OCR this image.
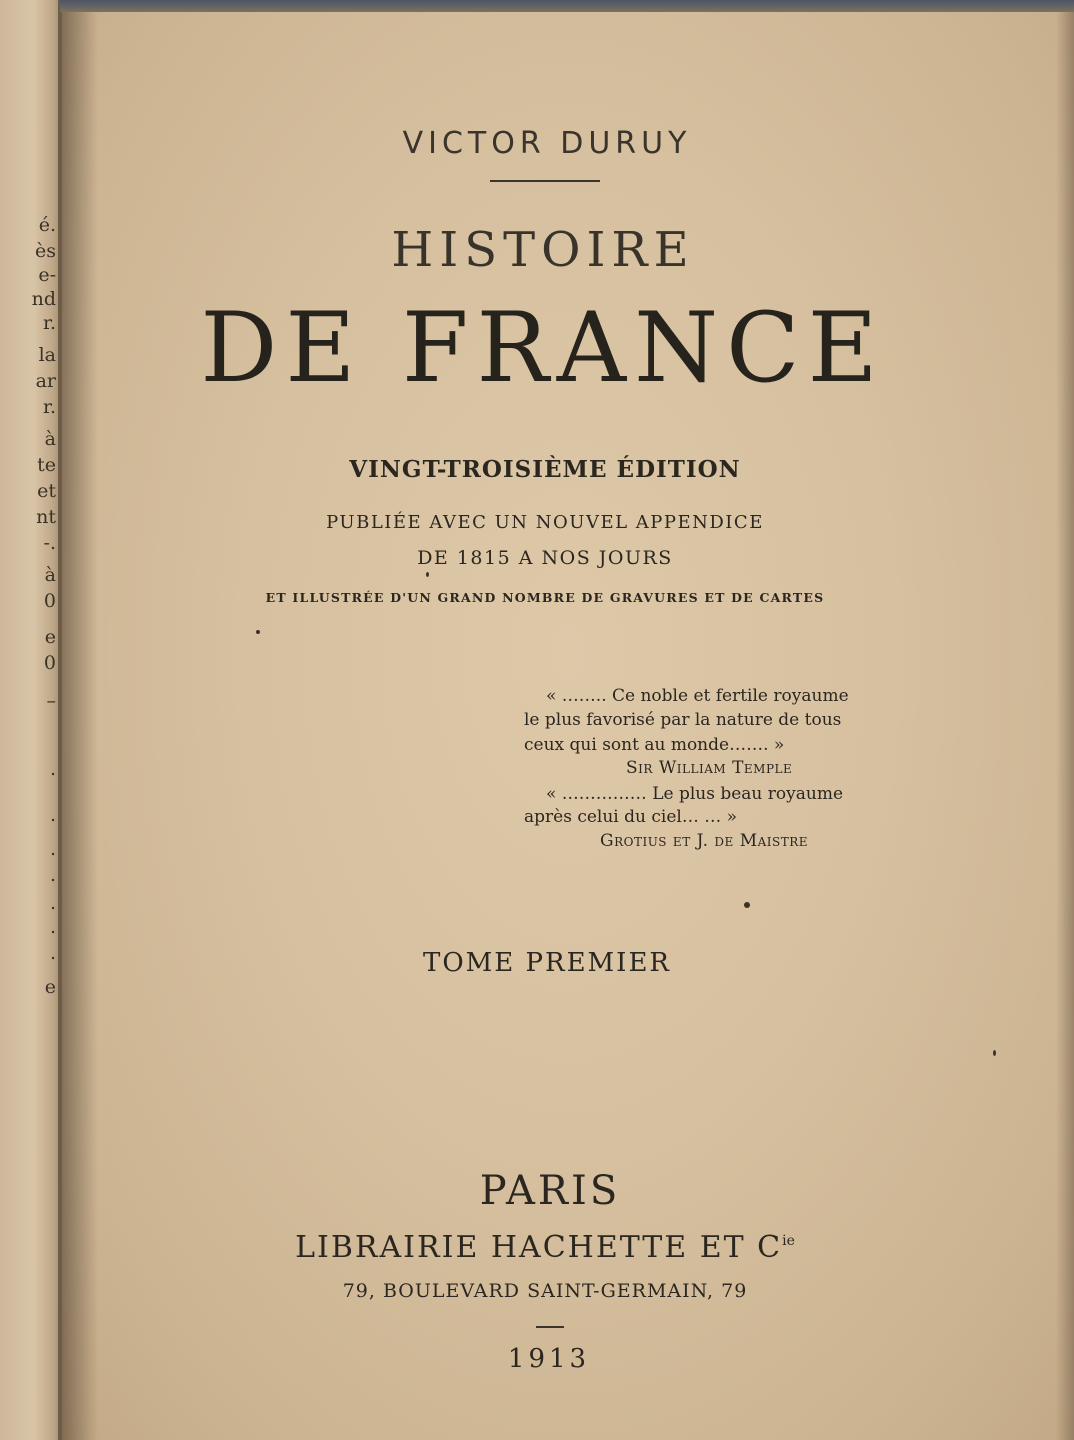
é.
ès
e-
nd
r.
la
ar
r.
à
te
et
nt
-.
à
0
e
0
–
.
.
.
.
.
.
.
e
VICTOR DURUY
HISTOIRE
DE FRANCE
VINGT-TROISIÈME ÉDITION
PUBLIÉE AVEC UN NOUVEL APPENDICE
DE 1815 A NOS JOURS
ET ILLUSTRÉE D'UN GRAND NOMBRE DE GRAVURES ET DE CARTES
« …….. Ce noble et fertile royaume
le plus favorisé par la nature de tous
ceux qui sont au monde……. »
Sir William Temple
« …………… Le plus beau royaume
après celui du ciel… … »
Grotius et J. de Maistre
TOME PREMIER
PARIS
LIBRAIRIE HACHETTE ET $C^{ie}$
79, BOULEVARD SAINT-GERMAIN, 79
1913
